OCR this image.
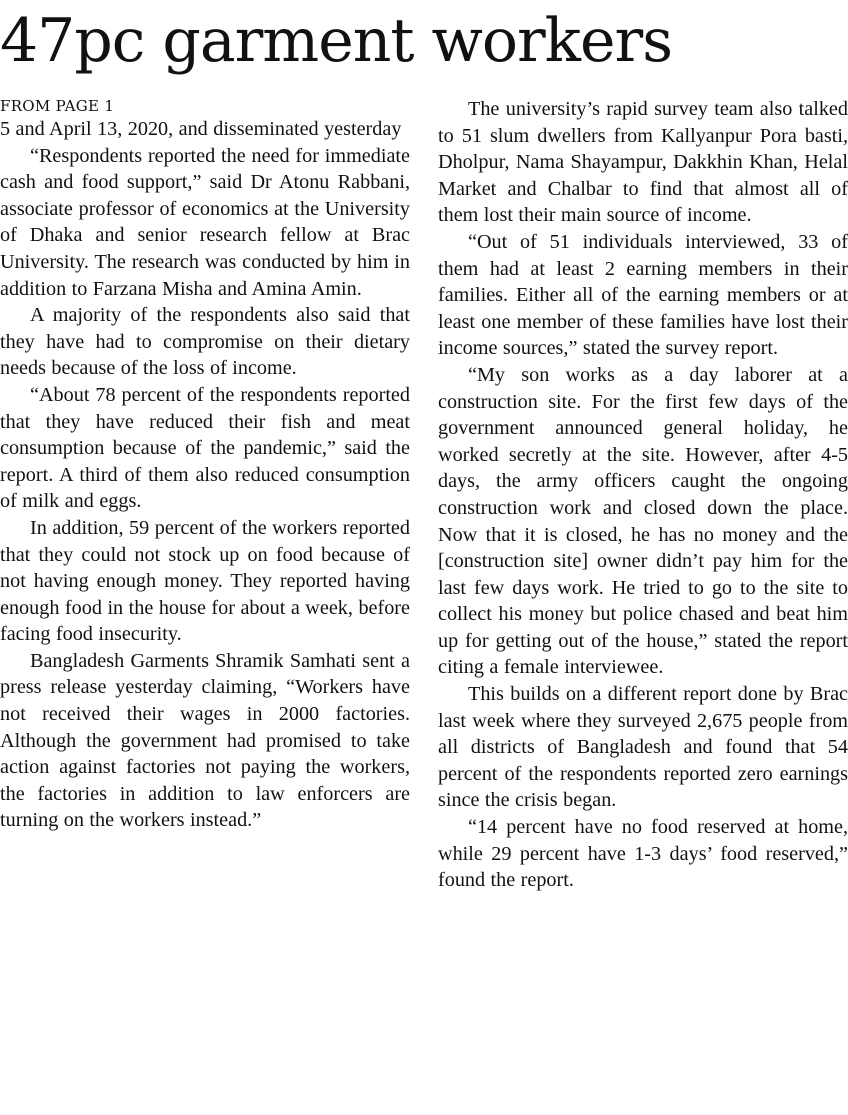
47pc garment workers
FROM PAGE 1

5 and April 13, 2020, and disseminated yesterday

“Respondents reported the need for immediate cash and food support,” said Dr Atonu Rabbani, associate professor of economics at the University of Dhaka and senior research fellow at Brac University. The research was conducted by him in addition to Farzana Misha and Amina Amin.

A majority of the respondents also said that they have had to compromise on their dietary needs because of the loss of income.

“About 78 percent of the respondents reported that they have reduced their fish and meat consumption because of the pandemic,” said the report. A third of them also reduced consumption of milk and eggs.

In addition, 59 percent of the workers reported that they could not stock up on food because of not having enough money. They reported having enough food in the house for about a week, before facing food insecurity.

Bangladesh Garments Shramik Samhati sent a press release yesterday claiming, “Workers have not received their wages in 2000 factories. Although the government had promised to take action against factories not paying the workers, the factories in addition to law enforcers are turning on the workers instead.”

The university’s rapid survey team also talked to 51 slum dwellers from Kallyanpur Pora basti, Dholpur, Nama Shayampur, Dakkhin Khan, Helal Market and Chalbar to find that almost all of them lost their main source of income.

“Out of 51 individuals interviewed, 33 of them had at least 2 earning members in their families. Either all of the earning members or at least one member of these families have lost their income sources,” stated the survey report.

“My son works as a day laborer at a construction site. For the first few days of the government announced general holiday, he worked secretly at the site. However, after 4-5 days, the army officers caught the ongoing construction work and closed down the place. Now that it is closed, he has no money and the [construction site] owner didn’t pay him for the last few days work. He tried to go to the site to collect his money but police chased and beat him up for getting out of the house,” stated the report citing a female interviewee.

This builds on a different report done by Brac last week where they surveyed 2,675 people from all districts of Bangladesh and found that 54 percent of the respondents reported zero earnings since the crisis began.

“14 percent have no food reserved at home, while 29 percent have 1-3 days’ food reserved,” found the report.
